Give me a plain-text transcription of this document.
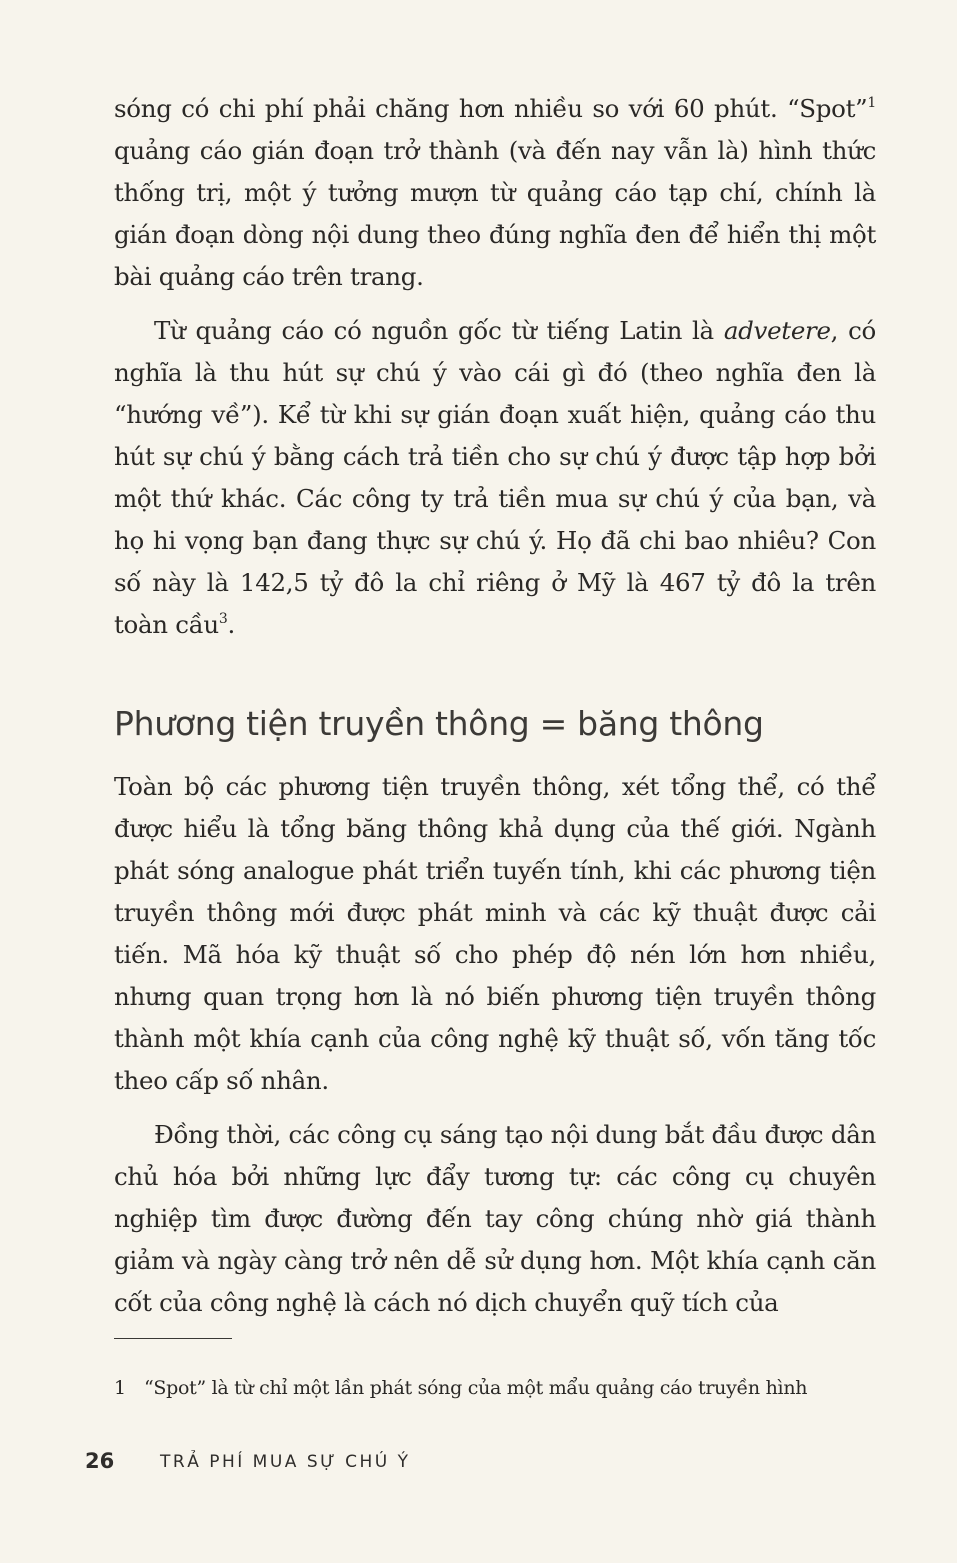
sóng có chi phí phải chăng hơn nhiều so với 60 phút. “Spot”$^1$ quảng cáo gián đoạn trở thành (và đến nay vẫn là) hình thức thống trị, một ý tưởng mượn từ quảng cáo tạp chí, chính là gián đoạn dòng nội dung theo đúng nghĩa đen để hiển thị một bài quảng cáo trên trang.

Từ quảng cáo có nguồn gốc từ tiếng Latin là advetere, có nghĩa là thu hút sự chú ý vào cái gì đó (theo nghĩa đen là “hướng về”). Kể từ khi sự gián đoạn xuất hiện, quảng cáo thu hút sự chú ý bằng cách trả tiền cho sự chú ý được tập hợp bởi một thứ khác. Các công ty trả tiền mua sự chú ý của bạn, và họ hi vọng bạn đang thực sự chú ý. Họ đã chi bao nhiêu? Con số này là 142,5 tỷ đô la chỉ riêng ở Mỹ là 467 tỷ đô la trên toàn cầu$^3$.

Phương tiện truyền thông = băng thông

Toàn bộ các phương tiện truyền thông, xét tổng thể, có thể được hiểu là tổng băng thông khả dụng của thế giới. Ngành phát sóng analogue phát triển tuyến tính, khi các phương tiện truyền thông mới được phát minh và các kỹ thuật được cải tiến. Mã hóa kỹ thuật số cho phép độ nén lớn hơn nhiều, nhưng quan trọng hơn là nó biến phương tiện truyền thông thành một khía cạnh của công nghệ kỹ thuật số, vốn tăng tốc theo cấp số nhân.

Đồng thời, các công cụ sáng tạo nội dung bắt đầu được dân chủ hóa bởi những lực đẩy tương tự: các công cụ chuyên nghiệp tìm được đường đến tay công chúng nhờ giá thành giảm và ngày càng trở nên dễ sử dụng hơn. Một khía cạnh căn cốt của công nghệ là cách nó dịch chuyển quỹ tích của

1 “Spot” là từ chỉ một lần phát sóng của một mẩu quảng cáo truyền hình
26	TRẢ PHÍ MUA SỰ CHÚ Ý
